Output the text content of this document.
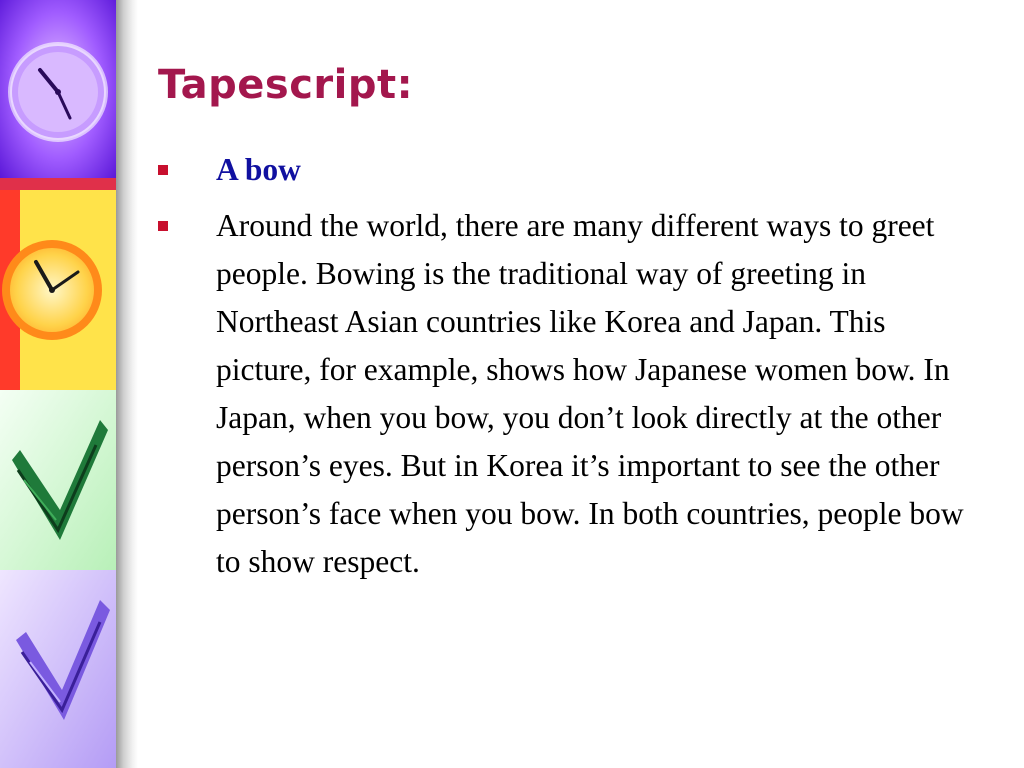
Tapescript:
A bow
Around the world, there are many different ways to greet people. Bowing is the traditional way of greeting in Northeast Asian countries like Korea and Japan. This picture, for example, shows how Japanese women bow. In Japan, when you bow, you don’t look directly at the other person’s eyes. But in Korea it’s important to see the other person’s face when you bow. In both countries, people bow to show respect.
